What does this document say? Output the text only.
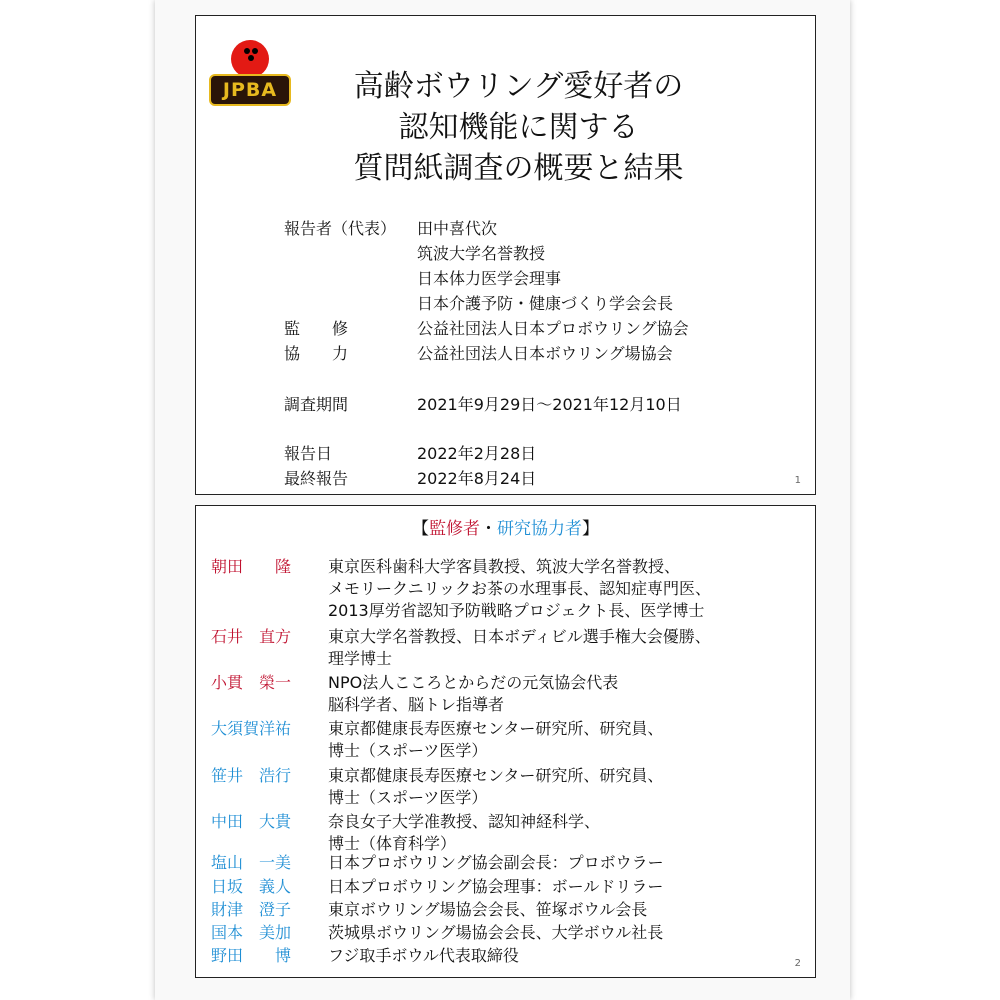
JPBA	高齢ボウリング愛好者の
認知機能に関する
質問紙調査の概要と結果
報告者（代表）	田中喜代次
筑波大学名誉教授
日本体力医学会理事
日本介護予防・健康づくり学会会長
監　　修	公益社団法人日本プロボウリング協会
協　　力	公益社団法人日本ボウリング場協会
調査期間	2021年9月29日～2021年12月10日
報告日	2022年2月28日
最終報告	2022年8月24日	1
【監修者・研究協力者】
朝田　　隆	東京医科歯科大学客員教授、筑波大学名誉教授、
メモリークニリックお茶の水理事長、認知症専門医、
2013厚労省認知予防戦略プロジェクト長、医学博士
石井　直方	東京大学名誉教授、日本ボディビル選手権大会優勝、
理学博士
小貫　榮一	NPO法人こころとからだの元気協会代表
脳科学者、脳トレ指導者
大須賀洋祐	東京都健康長寿医療センター研究所、研究員、
博士（スポーツ医学）
笹井　浩行	東京都健康長寿医療センター研究所、研究員、
博士（スポーツ医学）
中田　大貴	奈良女子大学准教授、認知神経科学、
博士（体育科学）
塩山　一美	日本プロボウリング協会副会長：プロボウラー
日坂　義人	日本プロボウリング協会理事：ボールドリラー
財津　澄子	東京ボウリング場協会会長、笹塚ボウル会長
国本　美加	茨城県ボウリング場協会会長、大学ボウル社長
野田　　博	フジ取手ボウル代表取締役	2
